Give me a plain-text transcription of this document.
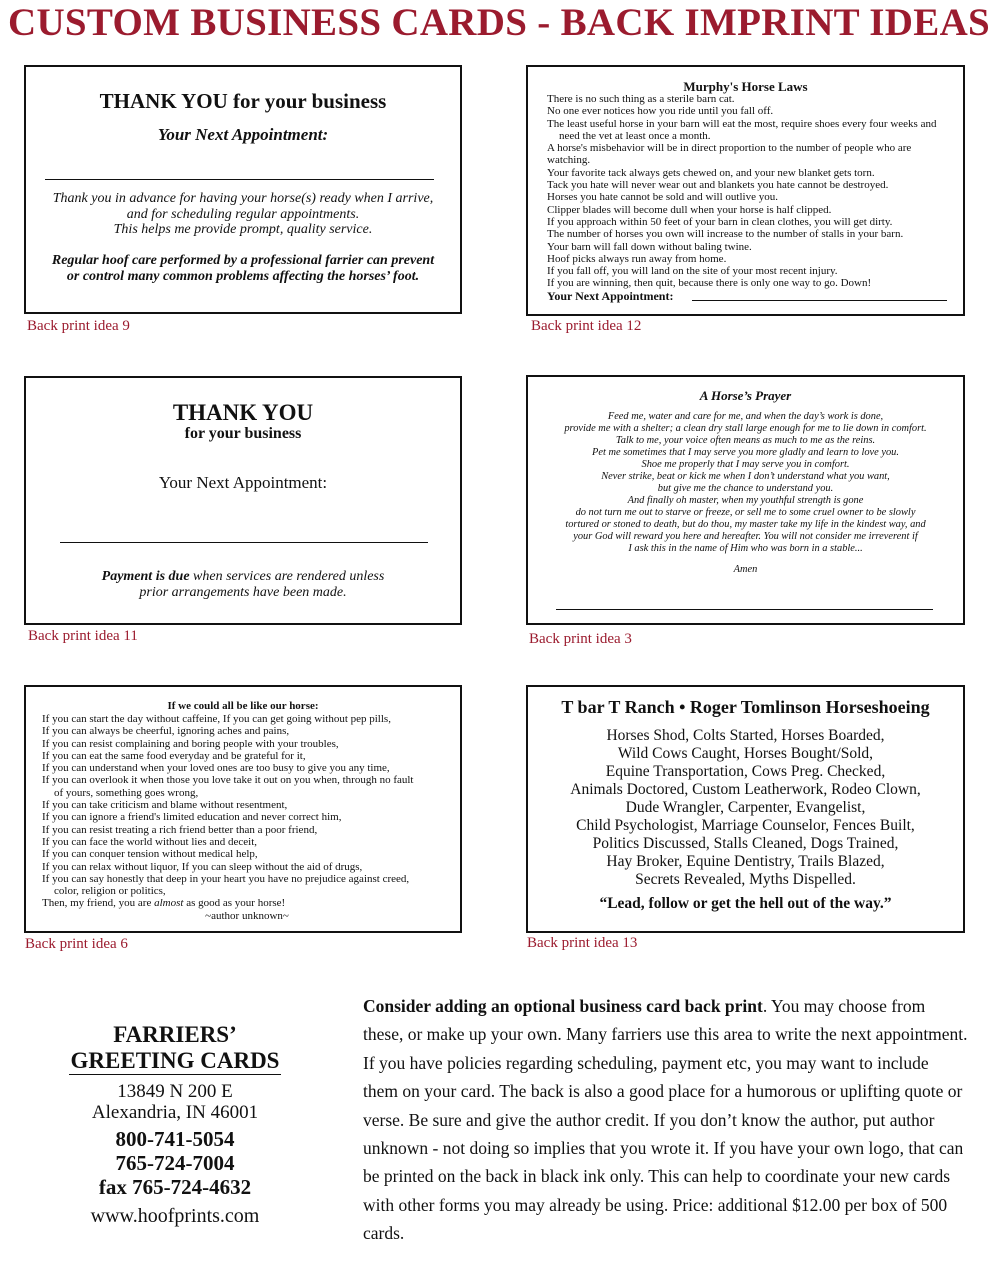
CUSTOM BUSINESS CARDS - BACK IMPRINT IDEAS
THANK YOU for your business
Your Next Appointment:
Thank you in advance for having your horse(s) ready when I arrive,
and for scheduling regular appointments.
This helps me provide prompt, quality service.
Regular hoof care performed by a professional farrier can prevent
or control many common problems affecting the horses’ foot.
Back print idea 9
Murphy's Horse Laws
There is no such thing as a sterile barn cat.
No one ever notices how you ride until you fall off.
The least useful horse in your barn will eat the most, require shoes every four weeks and
need the vet at least once a month.
A horse's misbehavior will be in direct proportion to the number of people who are watching.
Your favorite tack always gets chewed on, and your new blanket gets torn.
Tack you hate will never wear out and blankets you hate cannot be destroyed.
Horses you hate cannot be sold and will outlive you.
Clipper blades will become dull when your horse is half clipped.
If you approach within 50 feet of your barn in clean clothes, you will get dirty.
The number of horses you own will increase to the number of stalls in your barn.
Your barn will fall down without baling twine.
Hoof picks always run away from home.
If you fall off, you will land on the site of your most recent injury.
If you are winning, then quit, because there is only one way to go. Down!
Your Next Appointment:
Back print idea 12
THANK YOU
for your business
Your Next Appointment:
Payment is due when services are rendered unless
prior arrangements have been made.
Back print idea 11
A Horse’s Prayer
Feed me, water and care for me, and when the day’s work is done,
provide me with a shelter; a clean dry stall large enough for me to lie down in comfort.
Talk to me, your voice often means as much to me as the reins.
Pet me sometimes that I may serve you more gladly and learn to love you.
Shoe me properly that I may serve you in comfort.
Never strike, beat or kick me when I don’t understand what you want,
but give me the chance to understand you.
And finally oh master, when my youthful strength is gone
do not turn me out to starve or freeze, or sell me to some cruel owner to be slowly
tortured or stoned to death, but do thou, my master take my life in the kindest way, and
your God will reward you here and hereafter. You will not consider me irreverent if
I ask this in the name of Him who was born in a stable...
Amen
Back print idea 3
If we could all be like our horse:
If you can start the day without caffeine, If you can get going without pep pills,
If you can always be cheerful, ignoring aches and pains,
If you can resist complaining and boring people with your troubles,
If you can eat the same food everyday and be grateful for it,
If you can understand when your loved ones are too busy to give you any time,
If you can overlook it when those you love take it out on you when, through no fault
of yours, something goes wrong,
If you can take criticism and blame without resentment,
If you can ignore a friend's limited education and never correct him,
If you can resist treating a rich friend better than a poor friend,
If you can face the world without lies and deceit,
If you can conquer tension without medical help,
If you can relax without liquor, If you can sleep without the aid of drugs,
If you can say honestly that deep in your heart you have no prejudice against creed,
color, religion or politics,
Then, my friend, you are almost as good as your horse!
~author unknown~
Back print idea 6
T bar T Ranch • Roger Tomlinson Horseshoeing
Horses Shod, Colts Started, Horses Boarded,
Wild Cows Caught, Horses Bought/Sold,
Equine Transportation, Cows Preg. Checked,
Animals Doctored, Custom Leatherwork, Rodeo Clown,
Dude Wrangler, Carpenter, Evangelist,
Child Psychologist, Marriage Counselor, Fences Built,
Politics Discussed, Stalls Cleaned, Dogs Trained,
Hay Broker, Equine Dentistry, Trails Blazed,
Secrets Revealed, Myths Dispelled.
“Lead, follow or get the hell out of the way.”
Back print idea 13
FARRIERS’
GREETING CARDS
13849 N 200 E
Alexandria, IN 46001
800-741-5054
765-724-7004
fax 765-724-4632
www.hoofprints.com
Consider adding an optional business card back print. You may choose from these, or make up your own. Many farriers use this area to write the next appointment. If you have policies regarding scheduling, payment etc, you may want to include them on your card. The back is also a good place for a humorous or uplifting quote or verse. Be sure and give the author credit. If you don’t know the author, put author unknown - not doing so implies that you wrote it. If you have your own logo, that can be printed on the back in black ink only. This can help to coordinate your new cards with other forms you may already be using. Price: additional $12.00 per box of 500 cards.
